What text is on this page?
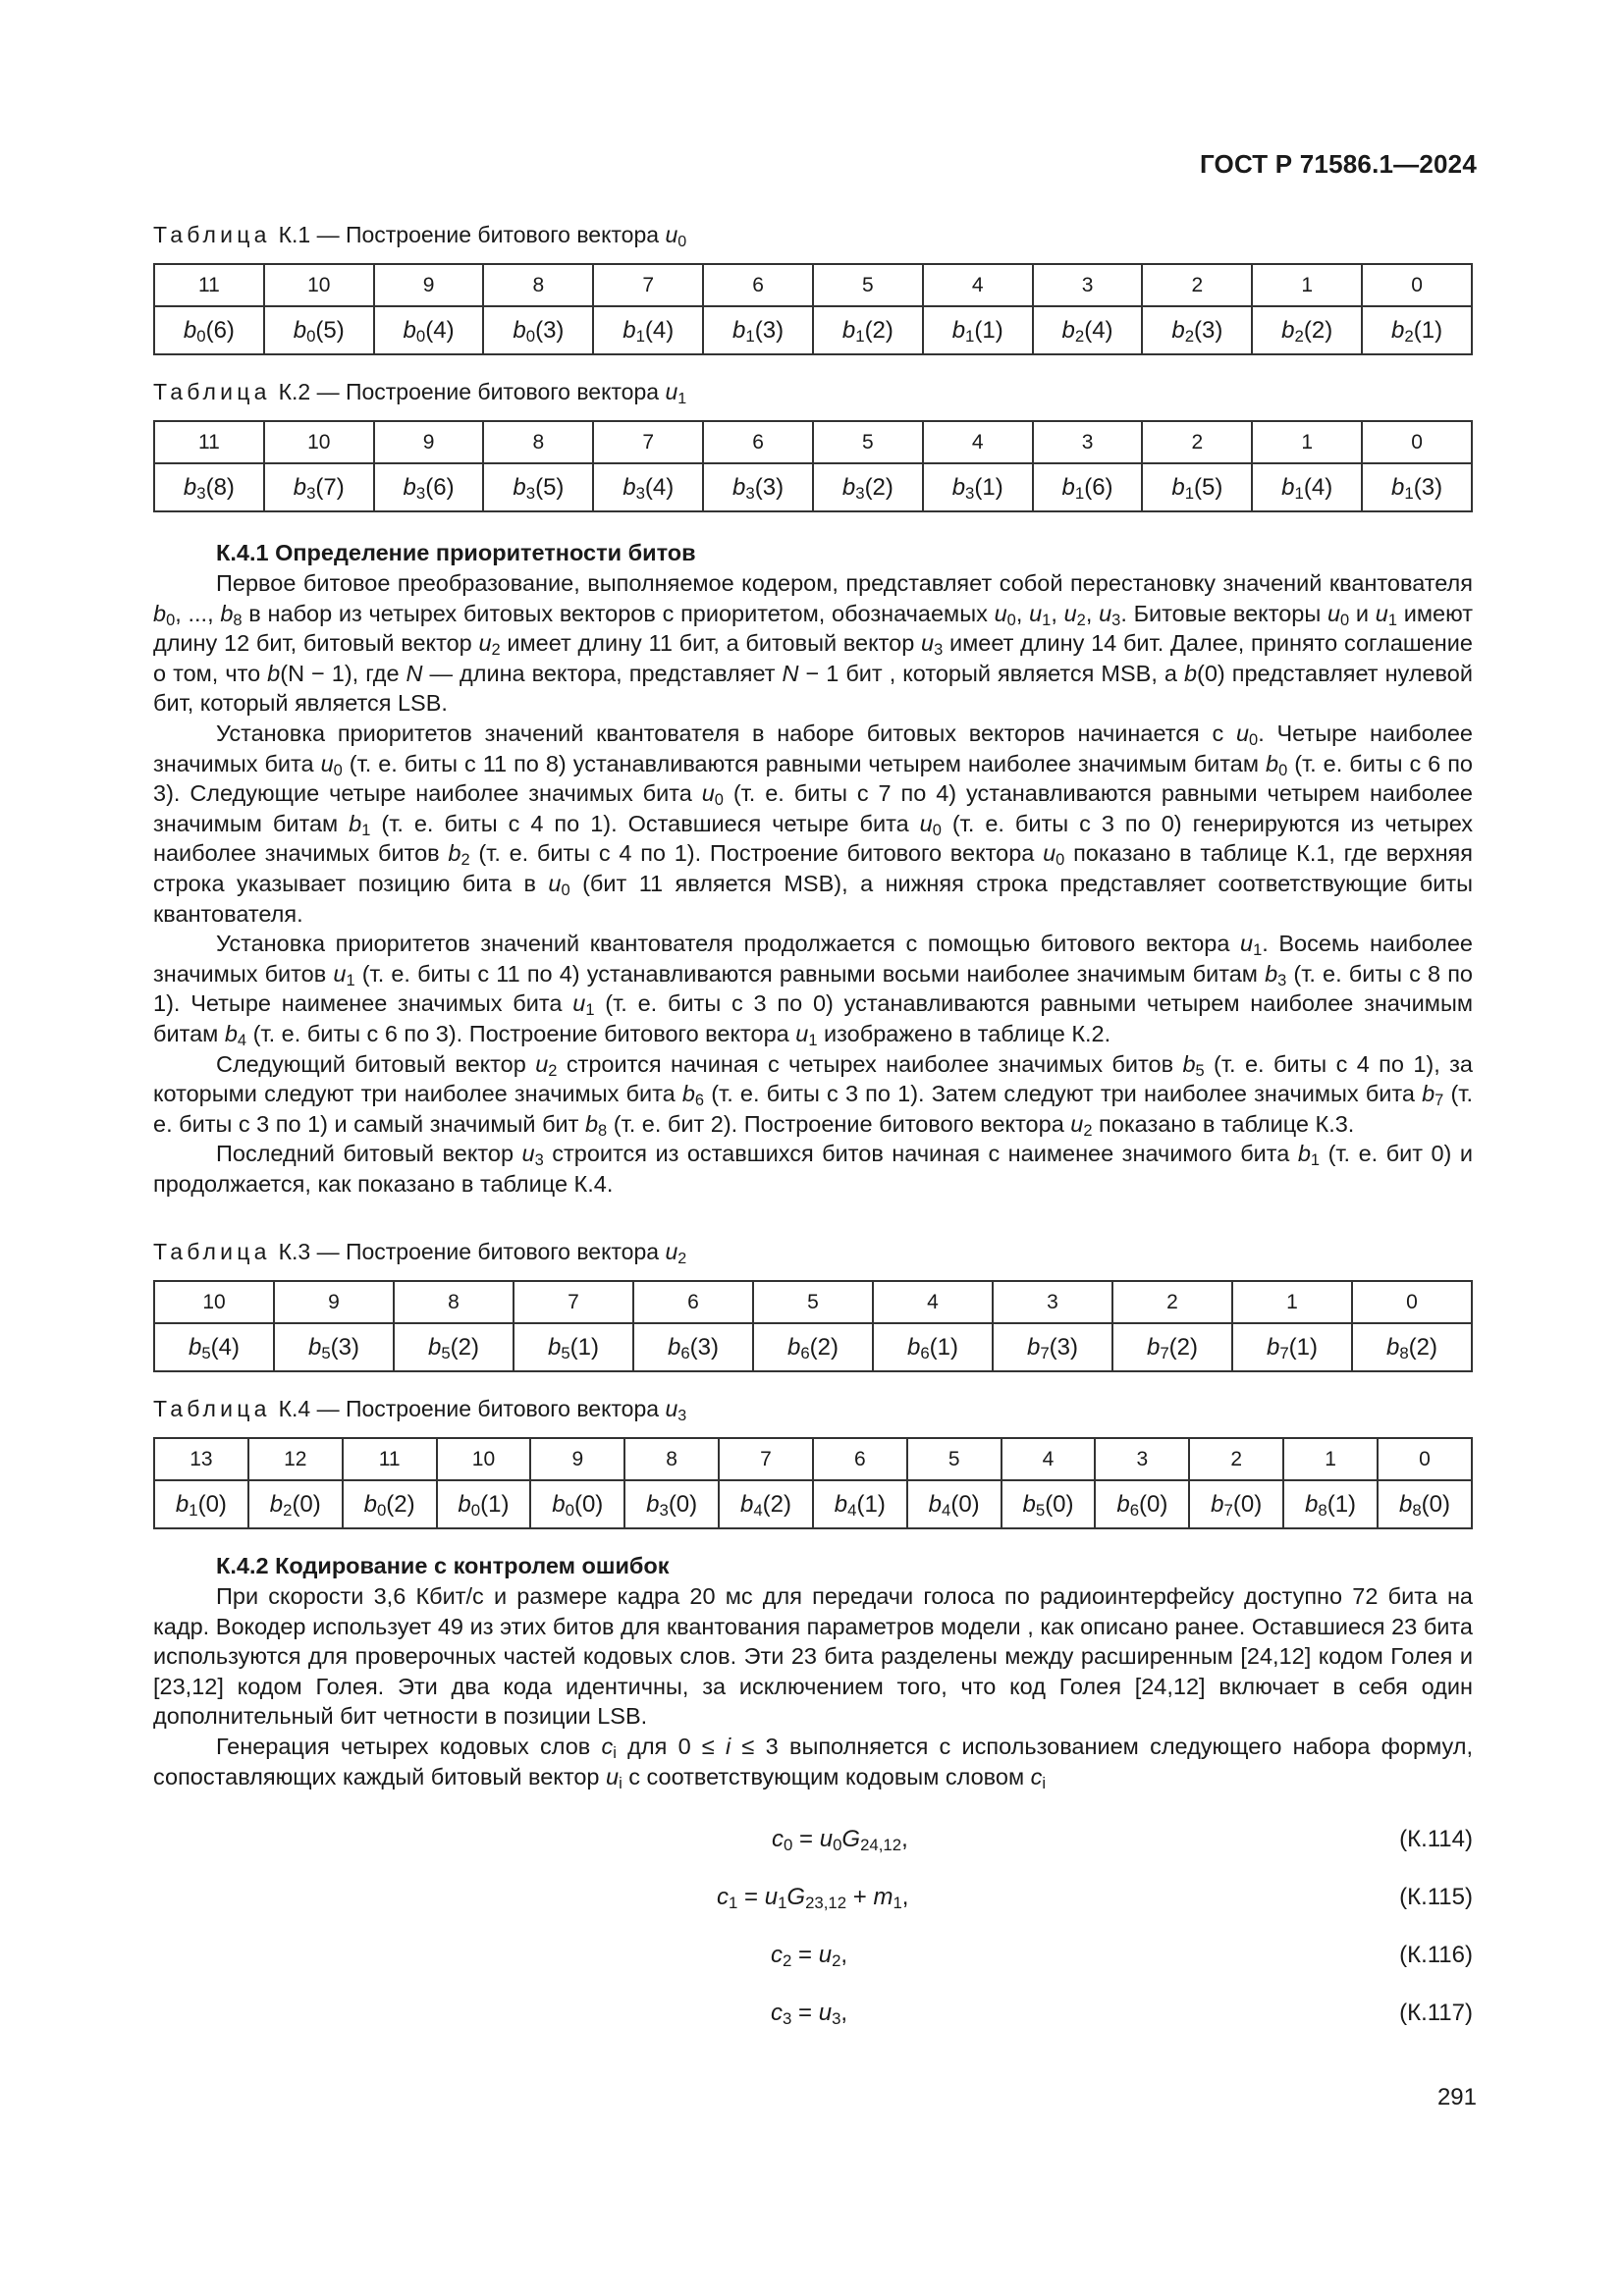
ГОСТ Р 71586.1—2024
Таблица К.1 — Построение битового вектора $u_0$
11	10	9	8	7	6	5	4	3	2	1	0
$b_0(6)$	$b_0(5)$	$b_0(4)$	$b_0(3)$	$b_1(4)$	$b_1(3)$	$b_1(2)$	$b_1(1)$	$b_2(4)$	$b_2(3)$	$b_2(2)$	$b_2(1)$
Таблица К.2 — Построение битового вектора $u_1$
11	10	9	8	7	6	5	4	3	2	1	0
$b_3(8)$	$b_3(7)$	$b_3(6)$	$b_3(5)$	$b_3(4)$	$b_3(3)$	$b_3(2)$	$b_3(1)$	$b_1(6)$	$b_1(5)$	$b_1(4)$	$b_1(3)$
К.4.1 Определение приоритетности битов

Первое битовое преобразование, выполняемое кодером, представляет собой перестановку значений квантователя $b_0$, ..., $b_8$ в набор из четырех битовых векторов с приоритетом, обозначаемых $u_0$, $u_1$, $u_2$, $u_3$. Битовые векторы $u_0$ и $u_1$ имеют длину 12 бит, битовый вектор $u_2$ имеет длину 11 бит, а битовый вектор $u_3$ имеет длину 14 бит. Далее, принято соглашение о том, что b(N − 1), где N — длина вектора, представляет N − 1 бит , который является MSB, а b(0) представляет нулевой бит, который является LSB.

Установка приоритетов значений квантователя в наборе битовых векторов начинается с $u_0$. Четыре наиболее значимых бита $u_0$ (т. е. биты с 11 по 8) устанавливаются равными четырем наиболее значимым битам $b_0$ (т. е. биты с 6 по 3). Следующие четыре наиболее значимых бита $u_0$ (т. е. биты с 7 по 4) устанавливаются равными четырем наиболее значимым битам $b_1$ (т. е. биты с 4 по 1). Оставшиеся четыре бита $u_0$ (т. е. биты с 3 по 0) генерируются из четырех наиболее значимых битов $b_2$ (т. е. биты с 4 по 1). Построение битового вектора $u_0$ показано в таблице К.1, где верхняя строка указывает позицию бита в $u_0$ (бит 11 является MSB), а нижняя строка представляет соответствующие биты квантователя.

Установка приоритетов значений квантователя продолжается с помощью битового вектора $u_1$. Восемь наиболее значимых битов $u_1$ (т. е. биты с 11 по 4) устанавливаются равными восьми наиболее значимым битам $b_3$ (т. е. биты с 8 по 1). Четыре наименее значимых бита $u_1$ (т. е. биты с 3 по 0) устанавливаются равными четырем наиболее значимым битам $b_4$ (т. е. биты с 6 по 3). Построение битового вектора $u_1$ изображено в таблице К.2.

Следующий битовый вектор $u_2$ строится начиная с четырех наиболее значимых битов $b_5$ (т. е. биты с 4 по 1), за которыми следуют три наиболее значимых бита $b_6$ (т. е. биты с 3 по 1). Затем следуют три наиболее значимых бита $b_7$ (т. е. биты с 3 по 1) и самый значимый бит $b_8$ (т. е. бит 2). Построение битового вектора $u_2$ показано в таблице К.3.

Последний битовый вектор $u_3$ строится из оставшихся битов начиная с наименее значимого бита $b_1$ (т. е. бит 0) и продолжается, как показано в таблице К.4.

Таблица К.3 — Построение битового вектора $u_2$
10	9	8	7	6	5	4	3	2	1	0
$b_5(4)$	$b_5(3)$	$b_5(2)$	$b_5(1)$	$b_6(3)$	$b_6(2)$	$b_6(1)$	$b_7(3)$	$b_7(2)$	$b_7(1)$	$b_8(2)$
Таблица К.4 — Построение битового вектора $u_3$
13	12	11	10	9	8	7	6	5	4	3	2	1	0
$b_1(0)$	$b_2(0)$	$b_0(2)$	$b_0(1)$	$b_0(0)$	$b_3(0)$	$b_4(2)$	$b_4(1)$	$b_4(0)$	$b_5(0)$	$b_6(0)$	$b_7(0)$	$b_8(1)$	$b_8(0)$
К.4.2 Кодирование с контролем ошибок

При скорости 3,6 Кбит/с и размере кадра 20 мс для передачи голоса по радиоинтерфейсу доступно 72 бита на кадр. Вокодер использует 49 из этих битов для квантования параметров модели , как описано ранее. Оставшиеся 23 бита используются для проверочных частей кодовых слов. Эти 23 бита разделены между расширенным [24,12] кодом Голея и [23,12] кодом Голея. Эти два кода идентичны, за исключением того, что код Голея [24,12] включает в себя один дополнительный бит четности в позиции LSB.

Генерация четырех кодовых слов $c_i$ для 0 ≤ i ≤ 3 выполняется с использованием следующего набора формул, сопоставляющих каждый битовый вектор $u_i$ с соответствующим кодовым словом $c_i$

$c_0 = u_0G_{24,12}$,	(К.114)
$c_1 = u_1G_{23,12} + m_1$,	(К.115)
$c_2 = u_2$,	(К.116)
$c_3 = u_3$,	(К.117)
291
